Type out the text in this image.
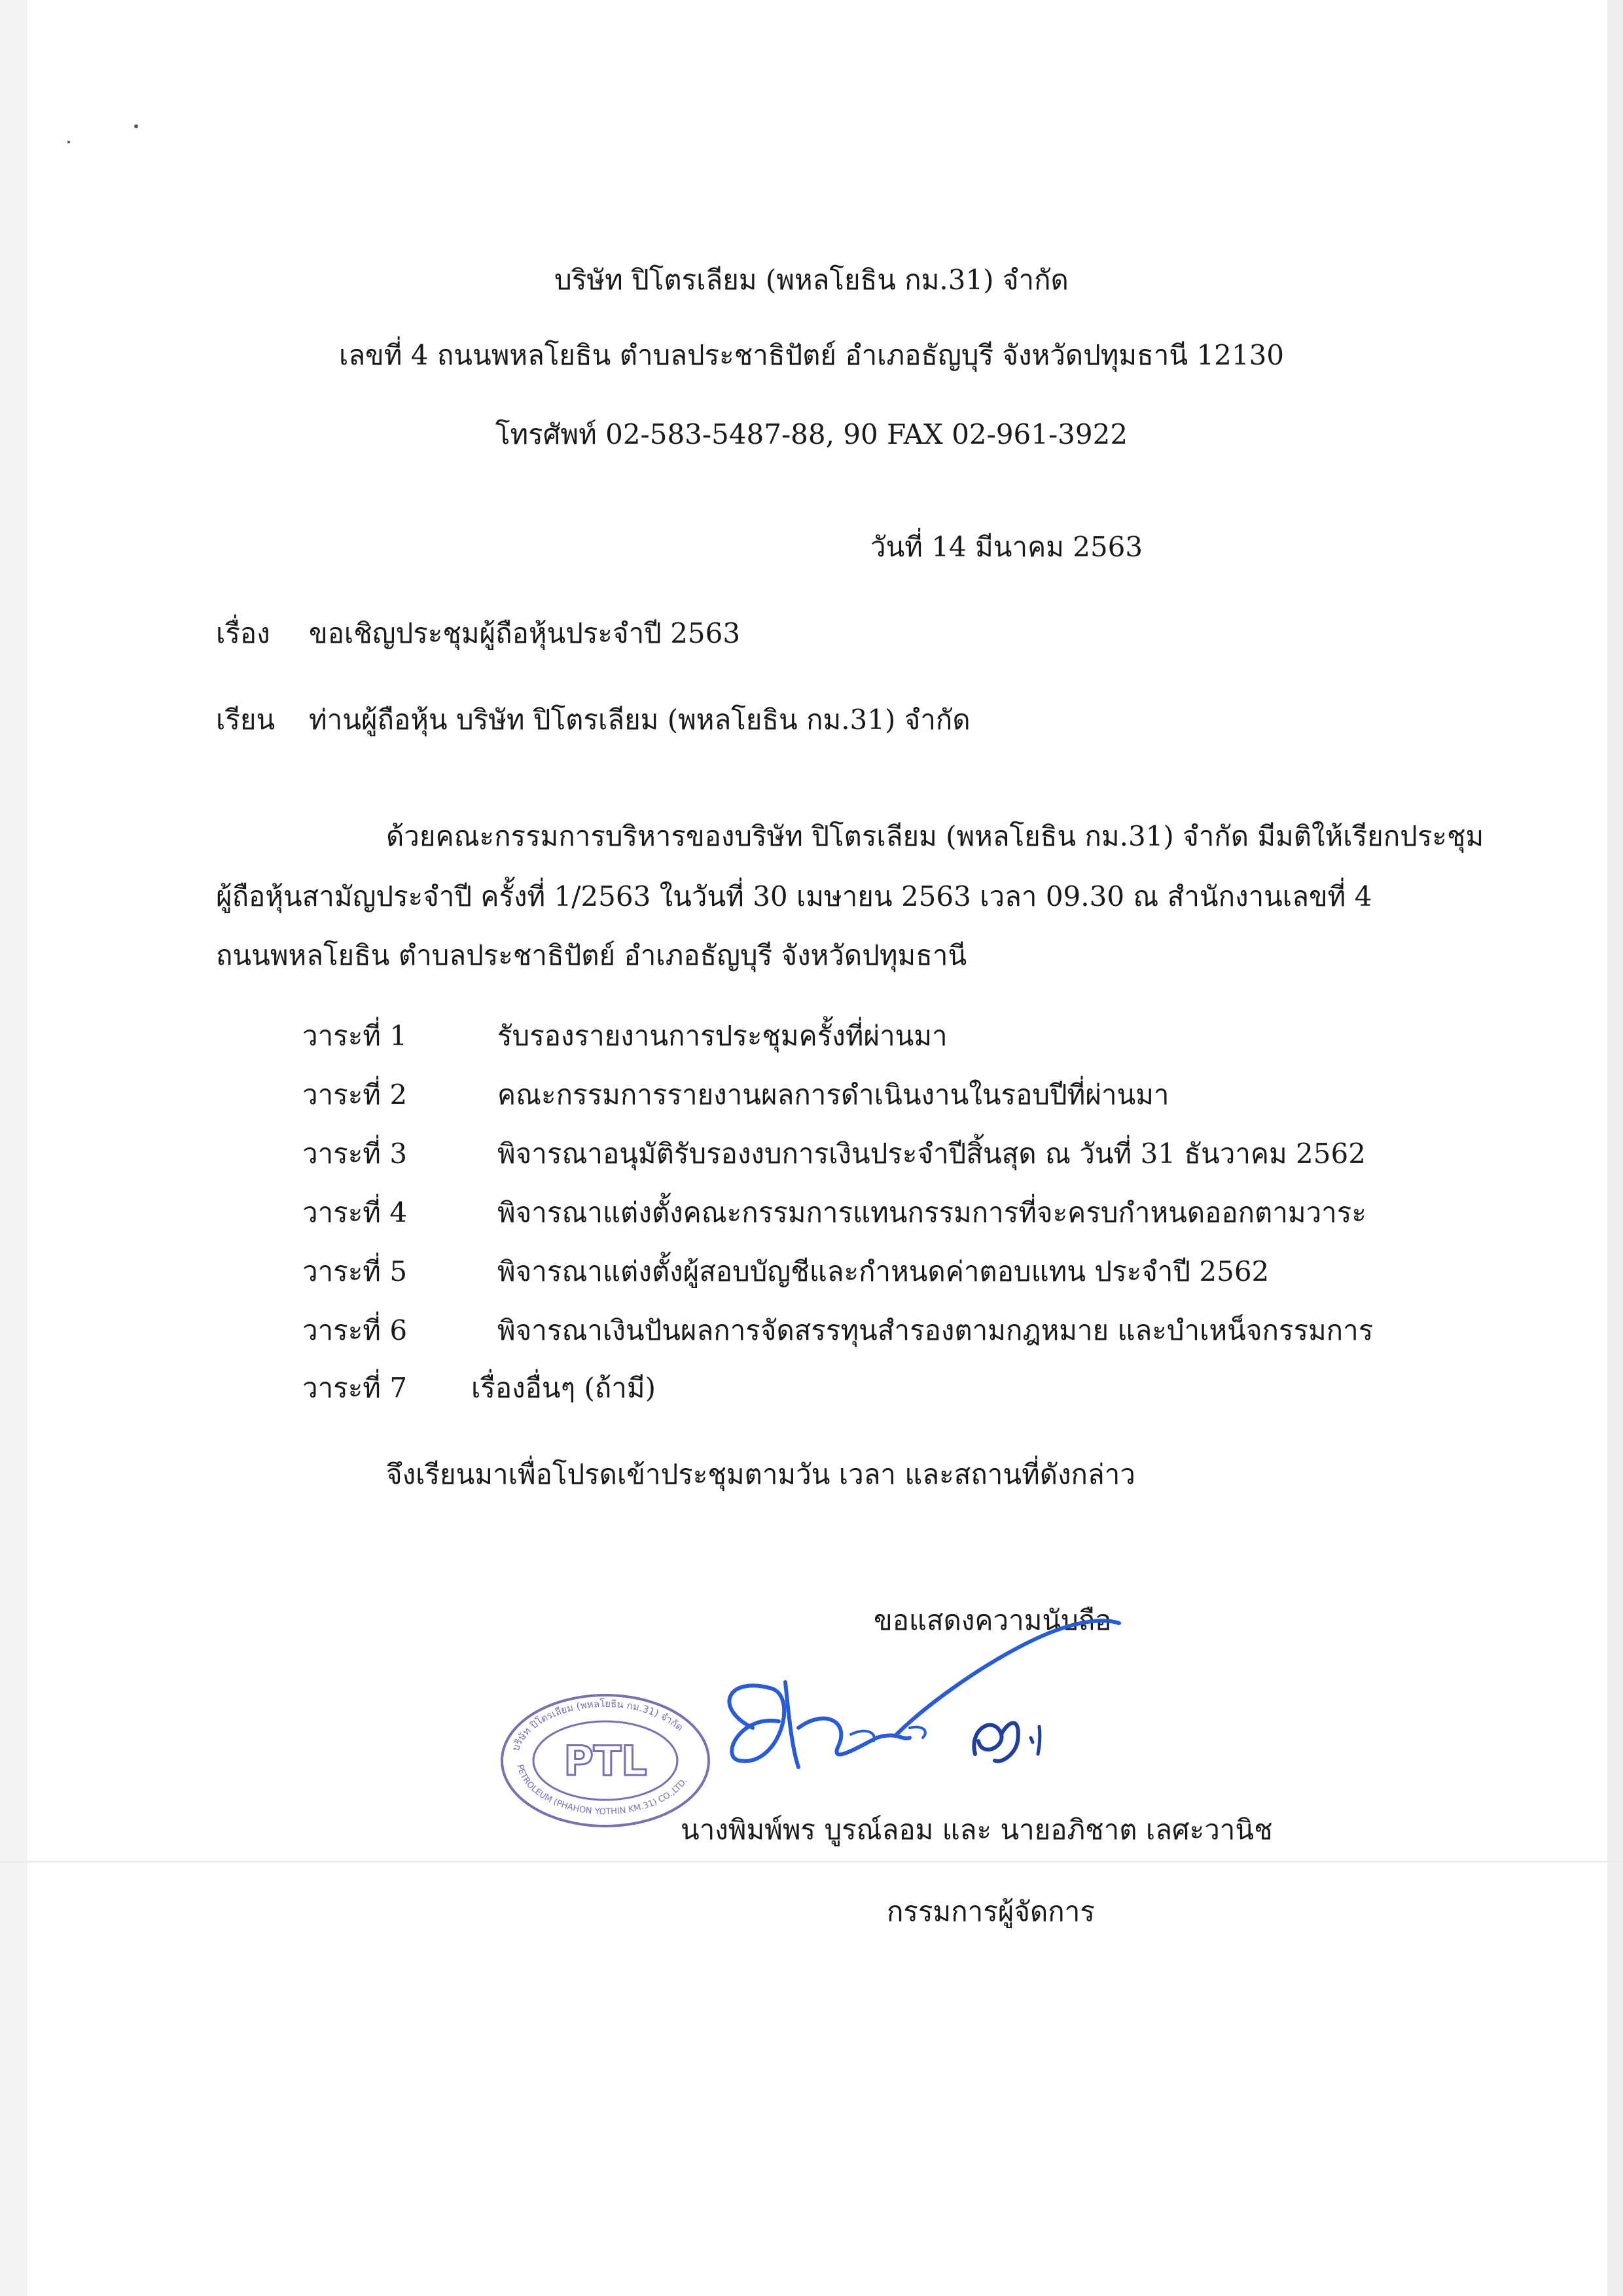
บริษัท ปิโตรเลียม (พหลโยธิน กม.31) จำกัด
เลขที่ 4 ถนนพหลโยธิน ตำบลประชาธิปัตย์ อำเภอธัญบุรี จังหวัดปทุมธานี 12130
โทรศัพท์ 02-583-5487-88, 90 FAX 02-961-3922
วันที่ 14 มีนาคม 2563
เรื่อง ขอเชิญประชุมผู้ถือหุ้นประจำปี 2563
เรียน ท่านผู้ถือหุ้น บริษัท ปิโตรเลียม (พหลโยธิน กม.31) จำกัด
ด้วยคณะกรรมการบริหารของบริษัท ปิโตรเลียม (พหลโยธิน กม.31) จำกัด มีมติให้เรียกประชุม
ผู้ถือหุ้นสามัญประจำปี ครั้งที่ 1/2563 ในวันที่ 30 เมษายน 2563 เวลา 09.30 ณ สำนักงานเลขที่ 4
ถนนพหลโยธิน ตำบลประชาธิปัตย์ อำเภอธัญบุรี จังหวัดปทุมธานี
วาระที่ 1	รับรองรายงานการประชุมครั้งที่ผ่านมา
วาระที่ 2	คณะกรรมการรายงานผลการดำเนินงานในรอบปีที่ผ่านมา
วาระที่ 3	พิจารณาอนุมัติรับรองงบการเงินประจำปีสิ้นสุด ณ วันที่ 31 ธันวาคม 2562
วาระที่ 4	พิจารณาแต่งตั้งคณะกรรมการแทนกรรมการที่จะครบกำหนดออกตามวาระ
วาระที่ 5	พิจารณาแต่งตั้งผู้สอบบัญชีและกำหนดค่าตอบแทน ประจำปี 2562
วาระที่ 6	พิจารณาเงินปันผลการจัดสรรทุนสำรองตามกฎหมาย และบำเหน็จกรรมการ
วาระที่ 7 เรื่องอื่นๆ (ถ้ามี)
จึงเรียนมาเพื่อโปรดเข้าประชุมตามวัน เวลา และสถานที่ดังกล่าว
ขอแสดงความนับถือ
บริษัท ปิโตรเลียม (พหลโยธิน กม.31) จำกัด
PETROLEUM (PHAHON YOTHIN KM.31) CO.,LTD.
PTL
นางพิมพ์พร บูรณ์ลอม และ นายอภิชาต เลศะวานิช
กรรมการผู้จัดการ
